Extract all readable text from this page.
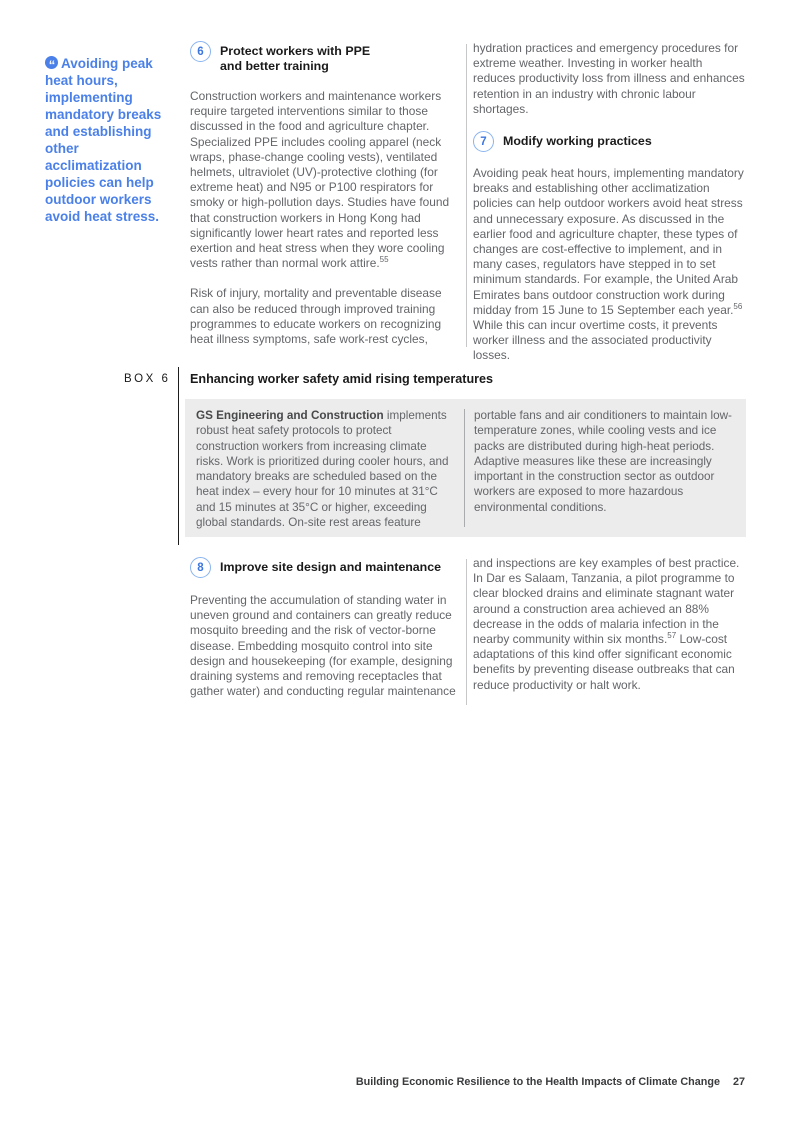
“ Avoiding peak heat hours, implementing mandatory breaks and establishing other acclimatization policies can help outdoor workers avoid heat stress.

6	Protect workers with PPE
and better training

Construction workers and maintenance workers require targeted interventions similar to those discussed in the food and agriculture chapter. Specialized PPE includes cooling apparel (neck wraps, phase-change cooling vests), ventilated helmets, ultraviolet (UV)-protective clothing (for extreme heat) and N95 or P100 respirators for smoky or high-pollution days. Studies have found that construction workers in Hong Kong had significantly lower heart rates and reported less exertion and heat stress when they wore cooling vests rather than normal work attire.$^{55}$

Risk of injury, mortality and preventable disease can also be reduced through improved training programmes to educate workers on recognizing heat illness symptoms, safe work-rest cycles,

hydration practices and emergency procedures for extreme weather. Investing in worker health reduces productivity loss from illness and enhances retention in an industry with chronic labour shortages.

7	Modify working practices

Avoiding peak heat hours, implementing mandatory breaks and establishing other acclimatization policies can help outdoor workers avoid heat stress and unnecessary exposure. As discussed in the earlier food and agriculture chapter, these types of changes are cost-effective to implement, and in many cases, regulators have stepped in to set minimum standards. For example, the United Arab Emirates bans outdoor construction work during midday from 15 June to 15 September each year.$^{56}$ While this can incur overtime costs, it prevents worker illness and the associated productivity losses.

BOX 6 Enhancing worker safety amid rising temperatures

GS Engineering and Construction implements robust heat safety protocols to protect construction workers from increasing climate risks. Work is prioritized during cooler hours, and mandatory breaks are scheduled based on the heat index – every hour for 10 minutes at 31°C and 15 minutes at 35°C or higher, exceeding global standards. On-site rest areas feature

portable fans and air conditioners to maintain low-temperature zones, while cooling vests and ice packs are distributed during high-heat periods. Adaptive measures like these are increasingly important in the construction sector as outdoor workers are exposed to more hazardous environmental conditions.

8	Improve site design and maintenance

Preventing the accumulation of standing water in uneven ground and containers can greatly reduce mosquito breeding and the risk of vector-borne disease. Embedding mosquito control into site design and housekeeping (for example, designing draining systems and removing receptacles that gather water) and conducting regular maintenance

and inspections are key examples of best practice. In Dar es Salaam, Tanzania, a pilot programme to clear blocked drains and eliminate stagnant water around a construction area achieved an 88% decrease in the odds of malaria infection in the nearby community within six months.$^{57}$ Low-cost adaptations of this kind offer significant economic benefits by preventing disease outbreaks that can reduce productivity or halt work.

Building Economic Resilience to the Health Impacts of Climate Change 27
